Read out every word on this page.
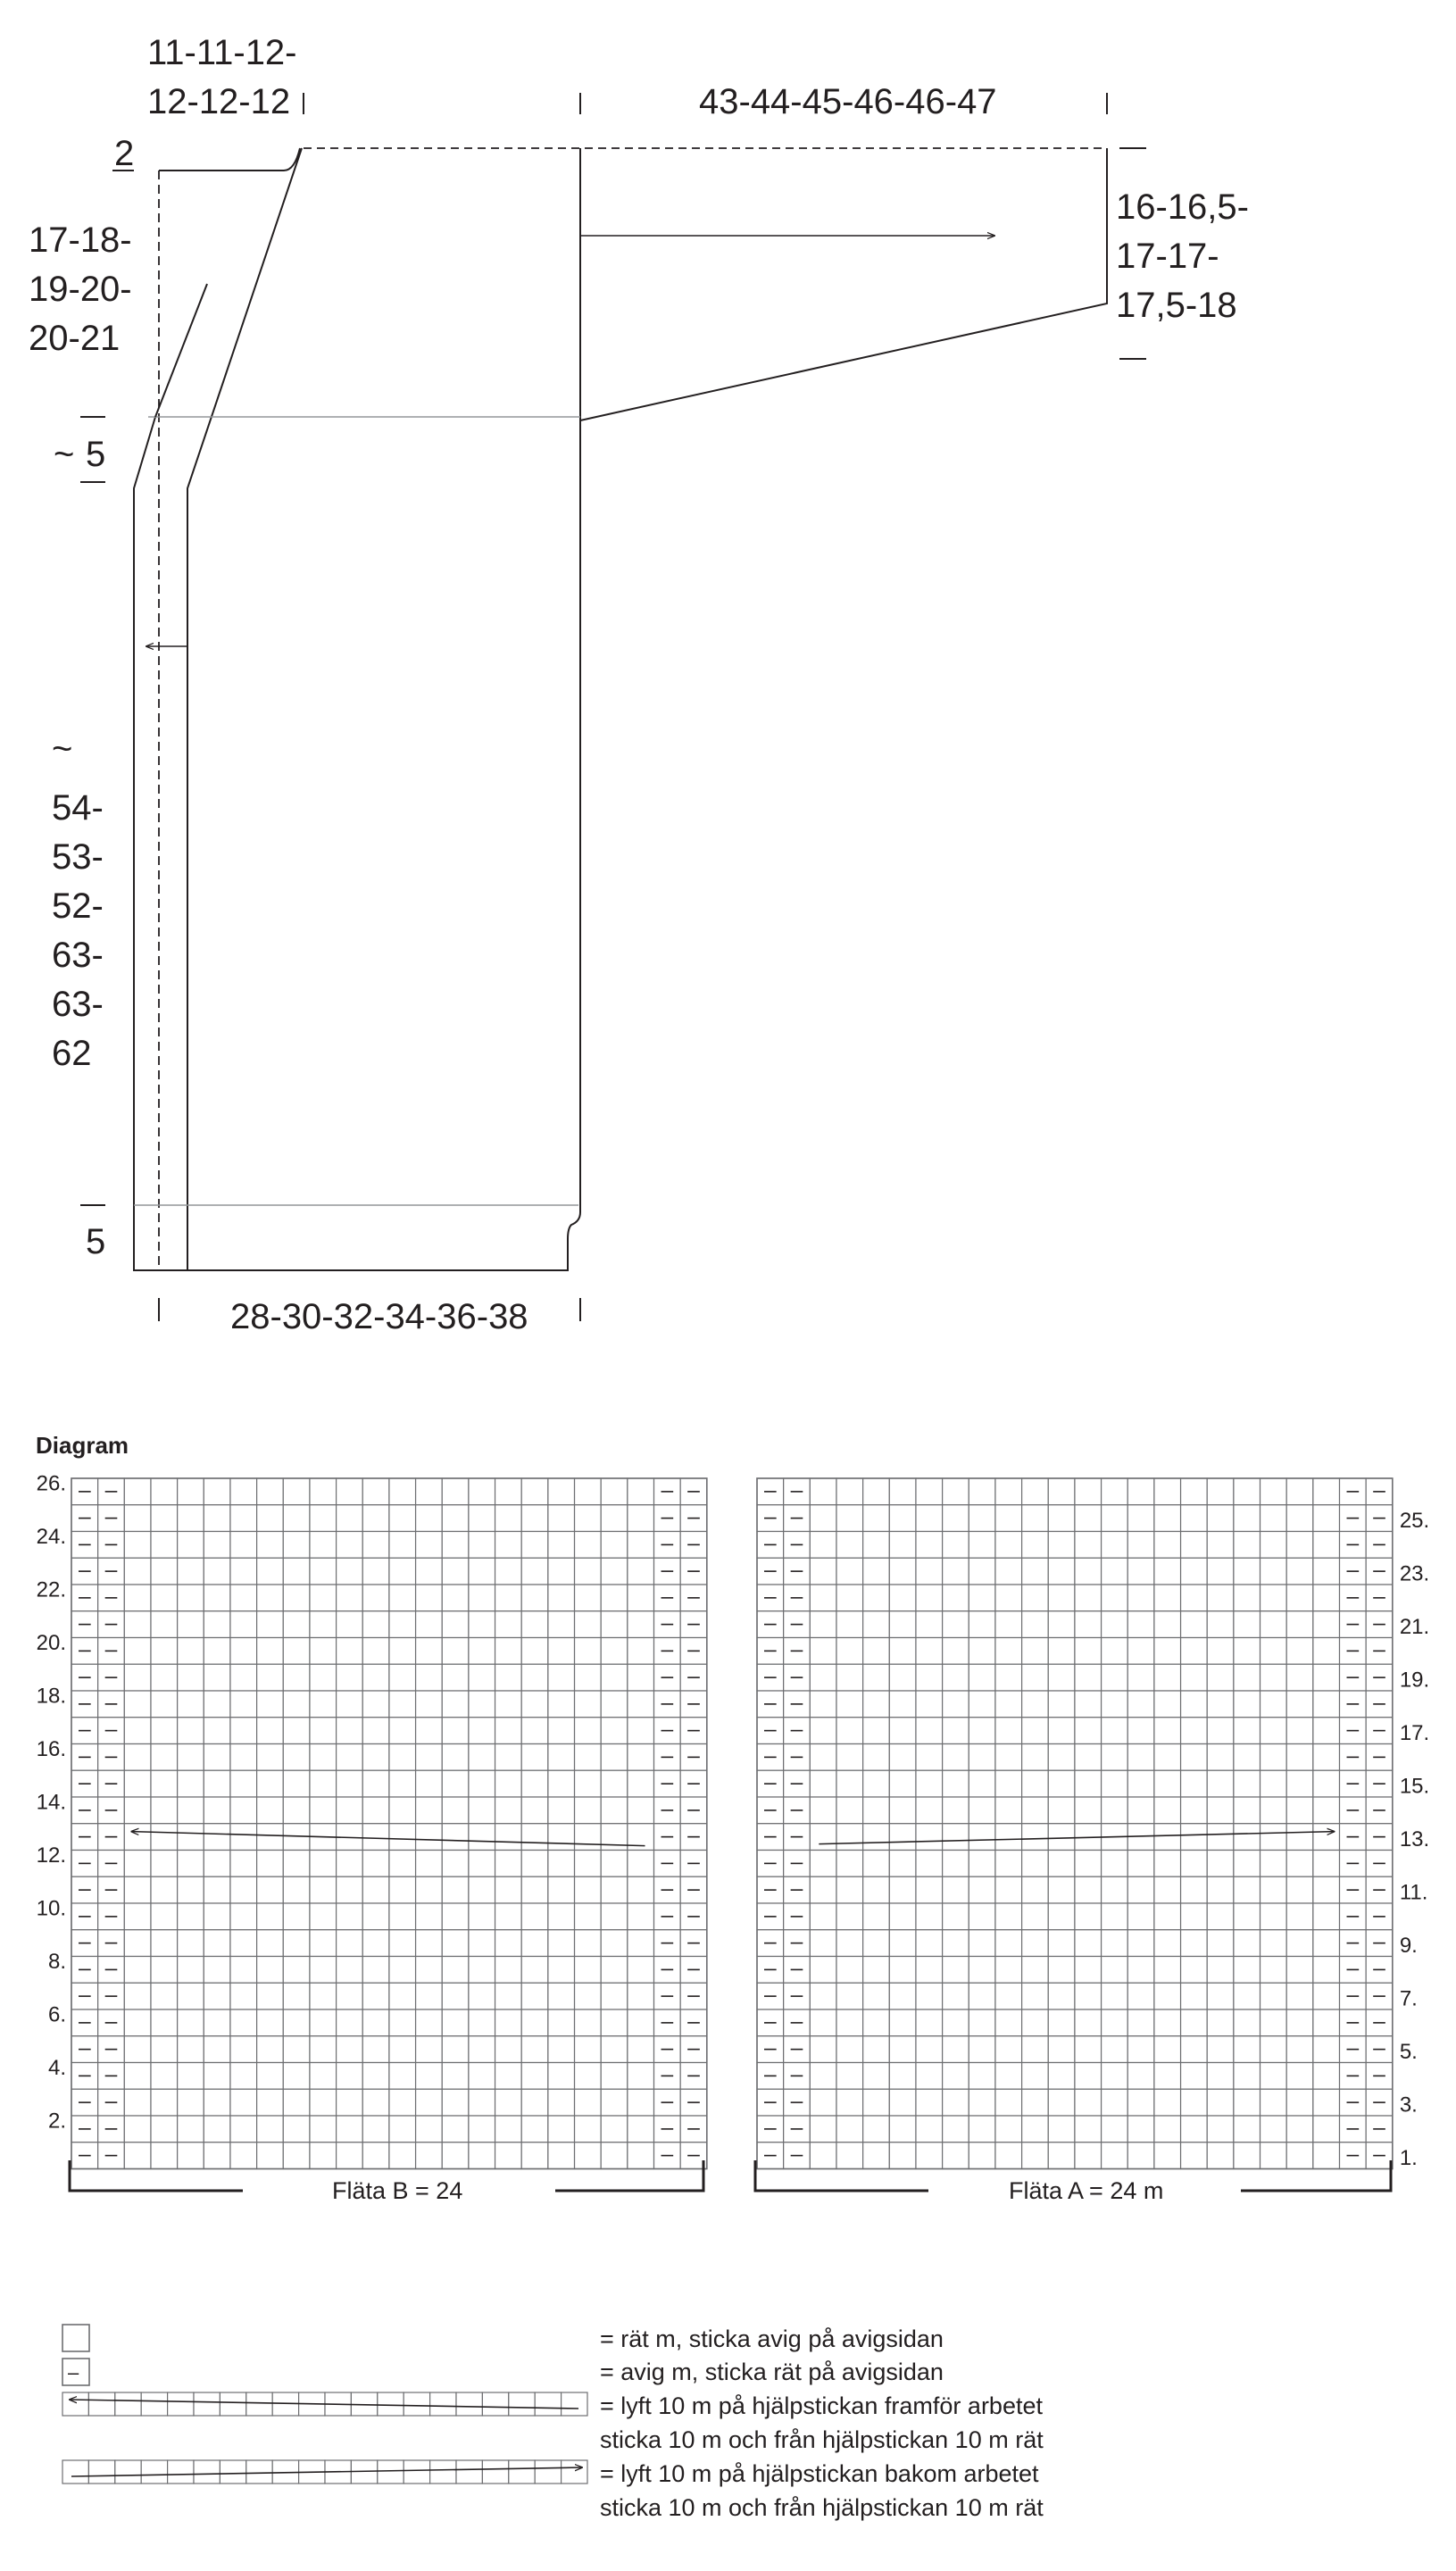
11-11-12-
12-12-12	43-44-45-46-46-47
2
17-18-
19-20-
20-21
16-16,5-
17-17-
17,5-18
~ 5
~
54-
53-
52-
63-
63-
62
5
28-30-32-34-36-38
Diagram
26.
24.
22.
20.
18.
16.
14.
12.
10.
8.
6.
4.
2.
25.
23.
21.
19.
17.
15.
13.
11.
9.
7.
5.
3.
1.
Fläta B = 24	Fläta A = 24 m
= rät m, sticka avig på avigsidan
–	= avig m, sticka rät på avigsidan
= lyft 10 m på hjälpstickan framför arbetet
sticka 10 m och från hjälpstickan 10 m rät
= lyft 10 m på hjälpstickan bakom arbetet
sticka 10 m och från hjälpstickan 10 m rät
